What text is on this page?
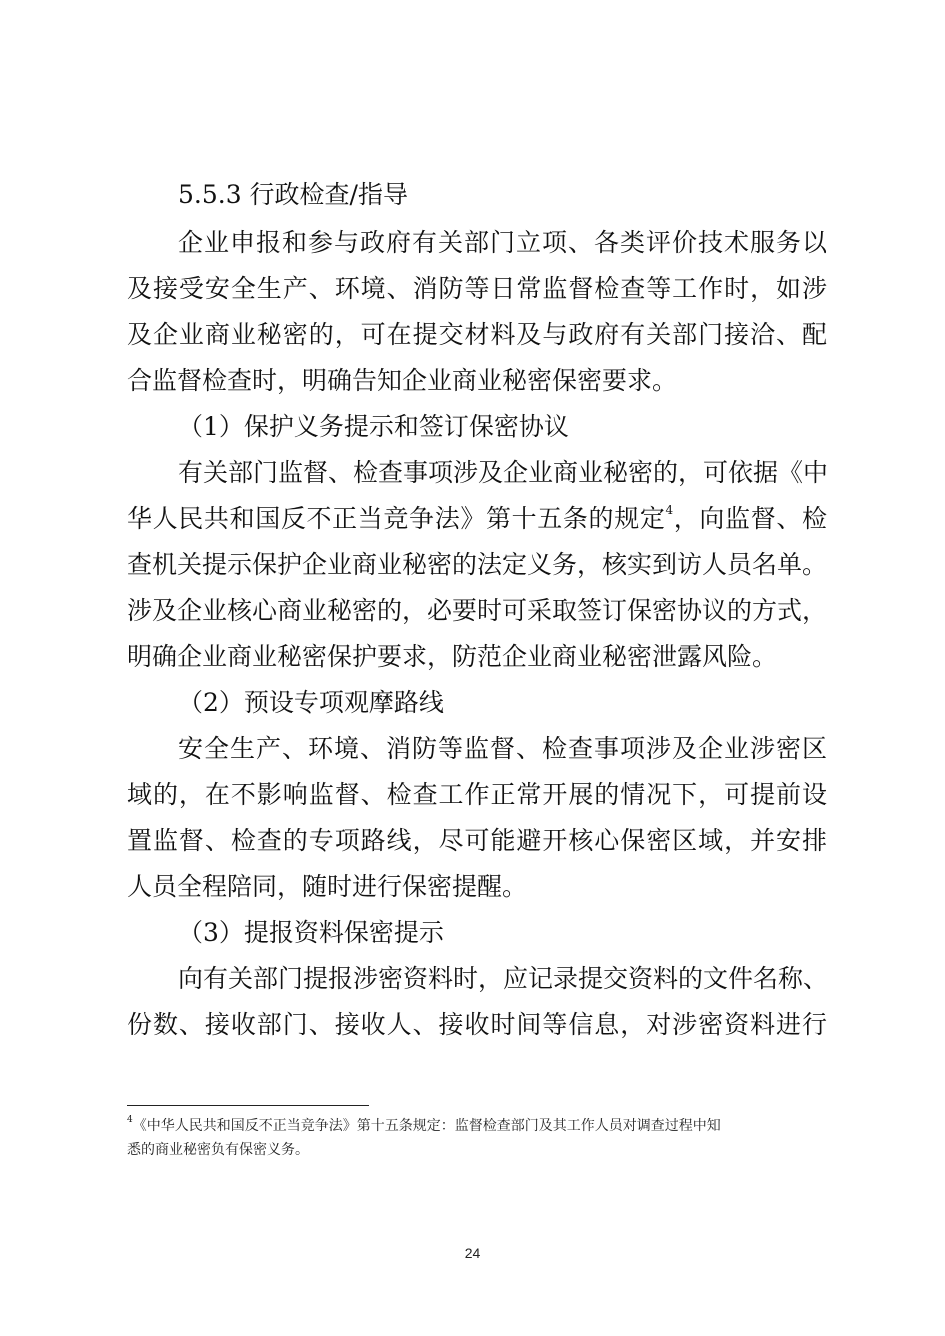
5.5.3 行政检查/指导
企业申报和参与政府有关部门立项、各类评价技术服务以
及接受安全生产、环境、消防等日常监督检查等工作时，如涉
及企业商业秘密的，可在提交材料及与政府有关部门接洽、配
合监督检查时，明确告知企业商业秘密保密要求。
（1）保护义务提示和签订保密协议
有关部门监督、检查事项涉及企业商业秘密的，可依据《中
华人民共和国反不正当竞争法》第十五条的规定$^4$，向监督、检
查机关提示保护企业商业秘密的法定义务，核实到访人员名单。
涉及企业核心商业秘密的，必要时可采取签订保密协议的方式，
明确企业商业秘密保护要求，防范企业商业秘密泄露风险。
（2）预设专项观摩路线
安全生产、环境、消防等监督、检查事项涉及企业涉密区
域的，在不影响监督、检查工作正常开展的情况下，可提前设
置监督、检查的专项路线，尽可能避开核心保密区域，并安排
人员全程陪同，随时进行保密提醒。
（3）提报资料保密提示
向有关部门提报涉密资料时，应记录提交资料的文件名称、
份数、接收部门、接收人、接收时间等信息，对涉密资料进行
$^4$《中华人民共和国反不正当竞争法》第十五条规定：监督检查部门及其工作人员对调查过程中知
悉的商业秘密负有保密义务。
24
